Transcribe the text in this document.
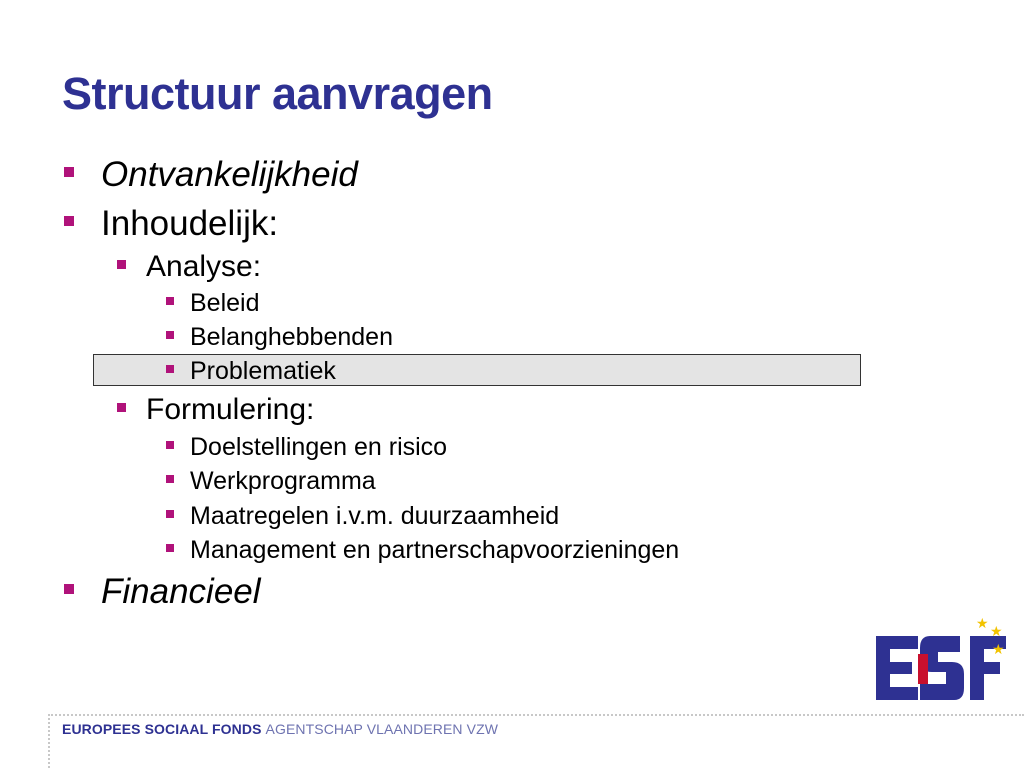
Structuur aanvragen
Ontvankelijkheid
Inhoudelijk:
Analyse:
Beleid
Belanghebbenden
Problematiek
Formulering:
Doelstellingen en risico
Werkprogramma
Maatregelen i.v.m. duurzaamheid
Management en partnerschapvoorzieningen
Financieel
★ ★
★
EUROPEES SOCIAAL FONDS AGENTSCHAP VLAANDEREN VZW
